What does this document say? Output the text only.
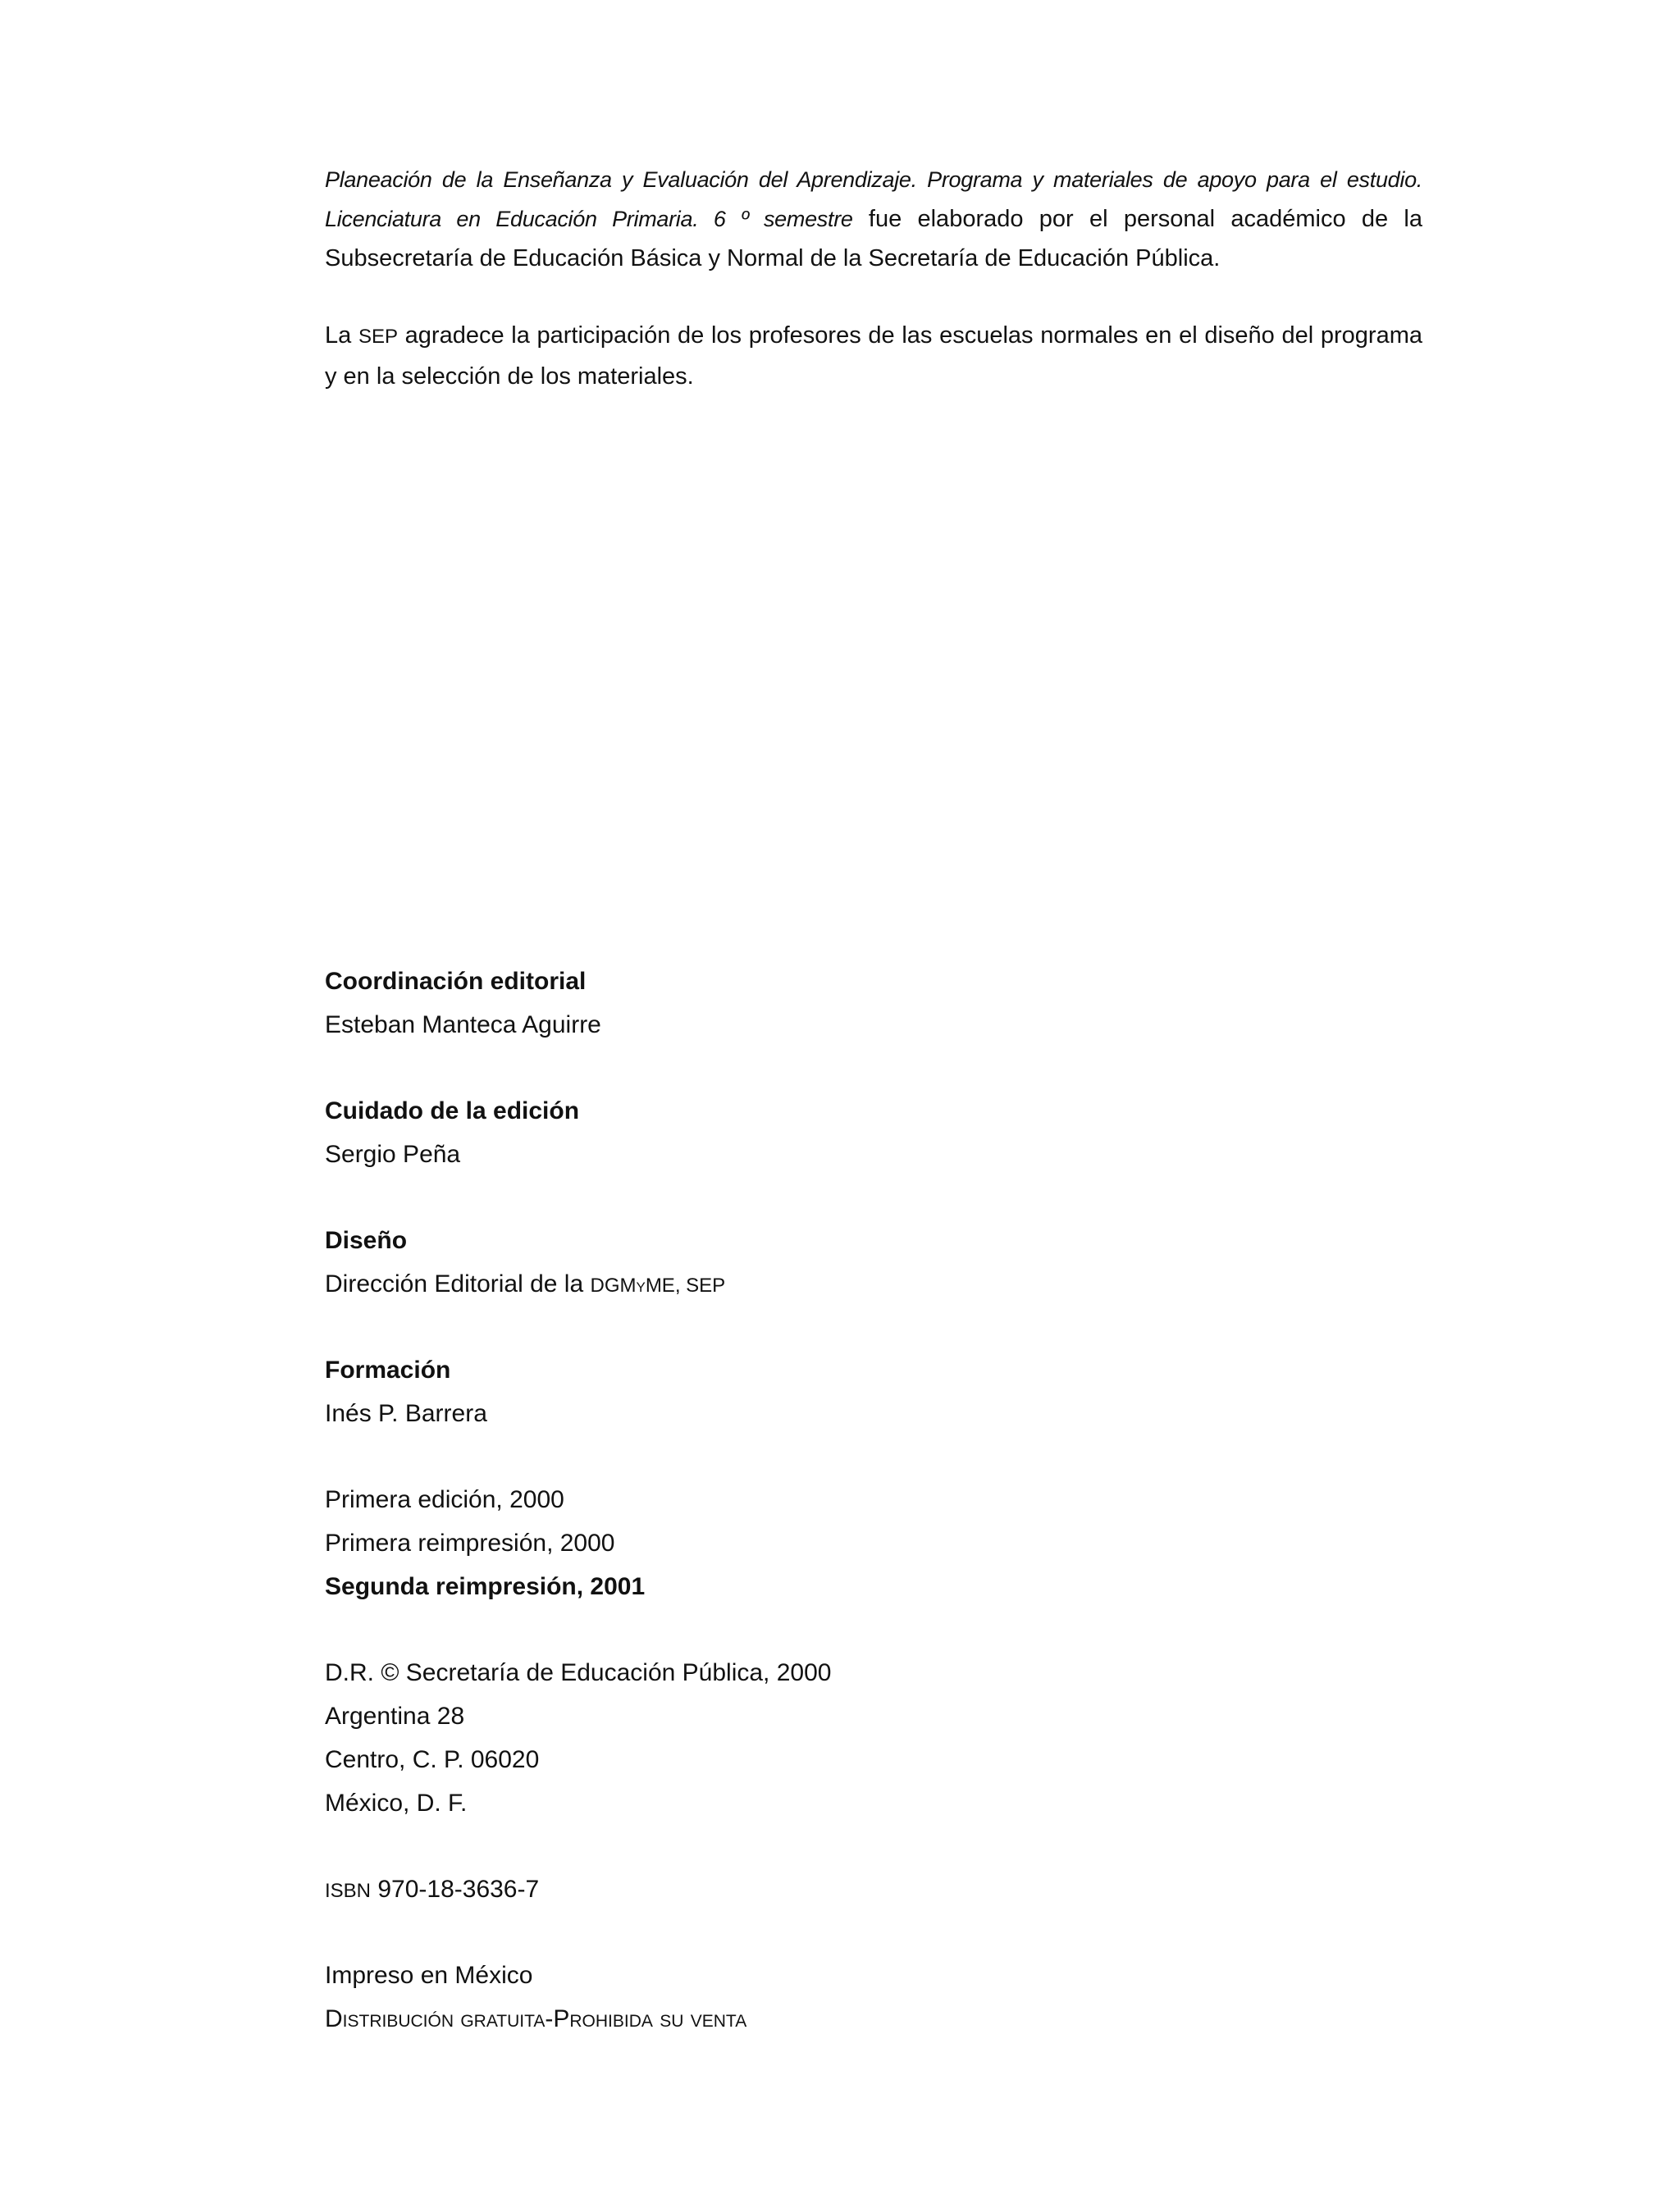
Planeación de la Enseñanza y Evaluación del Aprendizaje. Programa y materiales de apoyo para el estudio. Licenciatura en Educación Primaria. 6 º semestre fue elaborado por el personal académico de la Subsecretaría de Educación Básica y Normal de la Secretaría de Educación Pública.

La SEP agradece la participación de los profesores de las escuelas normales en el diseño del programa y en la selección de los materiales.

Coordinación editorial
Esteban Manteca Aguirre
Cuidado de la edición
Sergio Peña
Diseño
Dirección Editorial de la DGMyME, SEP
Formación
Inés P. Barrera
Primera edición, 2000
Primera reimpresión, 2000
Segunda reimpresión, 2001
D.R. © Secretaría de Educación Pública, 2000
Argentina 28
Centro, C. P. 06020
México, D. F.
ISBN 970-18-3636-7
Impreso en México
Distribución gratuita-Prohibida su venta
